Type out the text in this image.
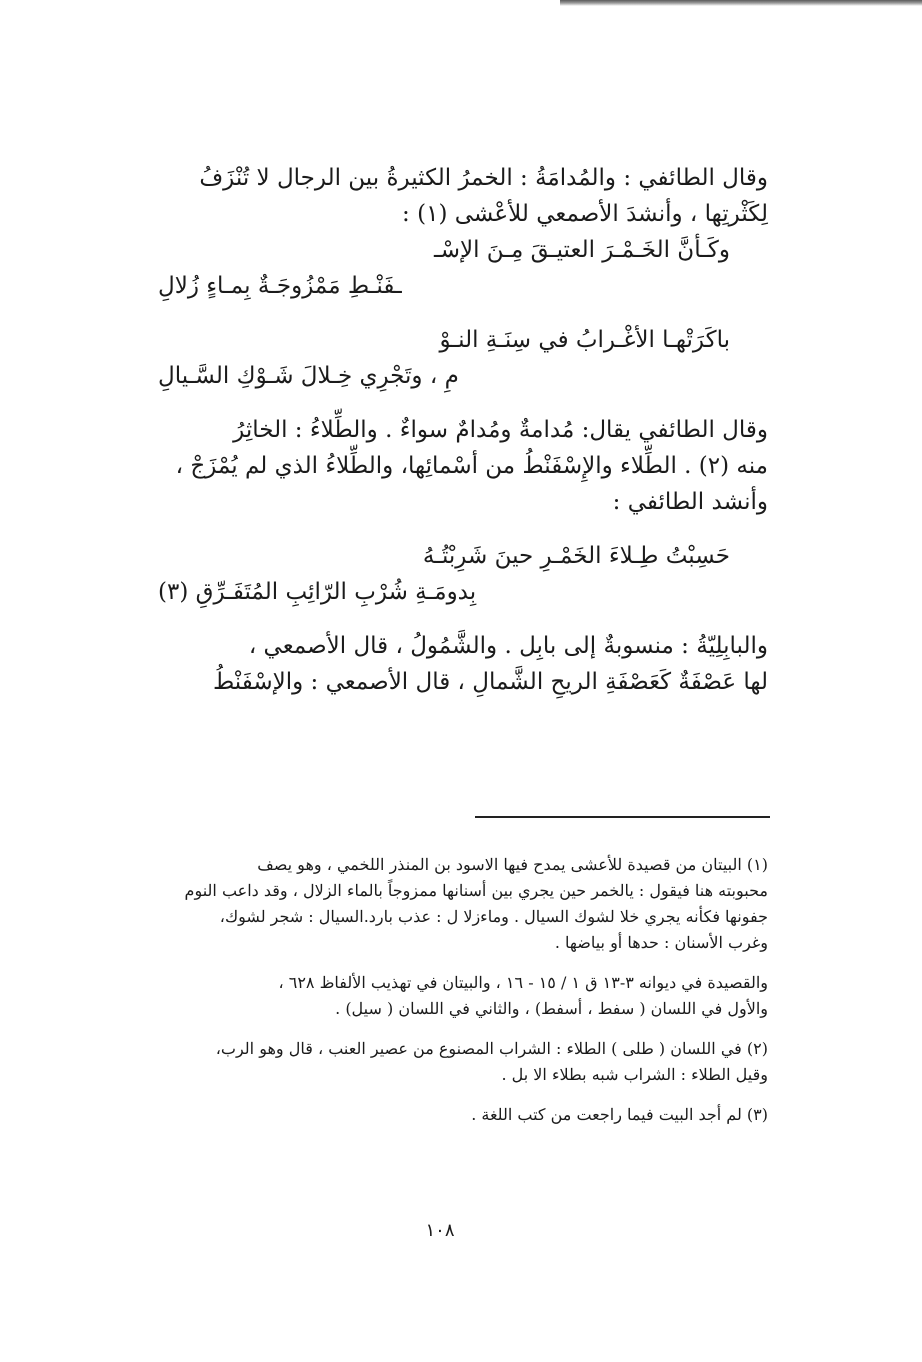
وقال الطائفي : والمُدامَةُ : الخمرُ الكثيرةُ بين الرجال لا تُنْزَفُ
لِكَثْرتِها ، وأنشدَ الأصمعي للأعْشى (١) :
وكَـأنَّ الخَـمْـرَ العتيـقَ مِـنَ الإسْـ
ـفَنْـطِ مَمْزُوجَـةٌ بِمـاءٍ زُلالِ
باكَرَتْهـا الأغْـرابُ في سِنَـةِ النـوْ
مِ ، وتَجْرِي خِـلالَ شَـوْكِ السَّـيالِ
وقال الطائفي يقال: مُدامةٌ ومُدامٌ سواءٌ . والطِّلاءُ : الخاثِرُ
منه (٢) . الطِّلاء والإِسْفَنْطُ من أسْمائِها، والطِّلاءُ الذي لم يُمْزَجْ ،
وأنشد الطائفي :
حَسِبْتُ طِـلاءَ الخَمْـرِ حينَ شَرِبْتُـهُ
بِدومَـةِ شُرْبِ الرّائِبِ المُتَفَـرِّقِ (٣)
والبابِلِيّةُ : منسوبةٌ إلى بابِل . والشَّمُولُ ، قال الأصمعي ،
لها عَصْفَةٌ كَعَصْفَةِ الريحِ الشَّمالِ ، قال الأصمعي : والإسْفَنْطُ
(١) البيتان من قصيدة للأعشى يمدح فيها الاسود بن المنذر اللخمي ، وهو يصف
محبوبته هنا فيقول : يالخمر حين يجري بين أسنانها ممزوجاً بالماء الزلال ، وقد داعب النوم
جفونها فكأنه يجري خلا لشوك السيال . وماءزلا ل : عذب بارد.السيال : شجر لشوك،
وغرب الأسنان : حدها أو بياضها .
والقصيدة في ديوانه ٣-١٣ ق ١ / ١٥ - ١٦ ، والبيتان في تهذيب الألفاظ ٦٢٨ ،
والأول في اللسان ( سفط ، أسفط) ، والثاني في اللسان ( سيل) .
(٢) في اللسان ( طلى ) الطلاء : الشراب المصنوع من عصير العنب ، قال وهو الرب،
وقيل الطلاء : الشراب شبه بطلاء الا بل .
(٣) لم أجد البيت فيما راجعت من كتب اللغة .
١٠٨
